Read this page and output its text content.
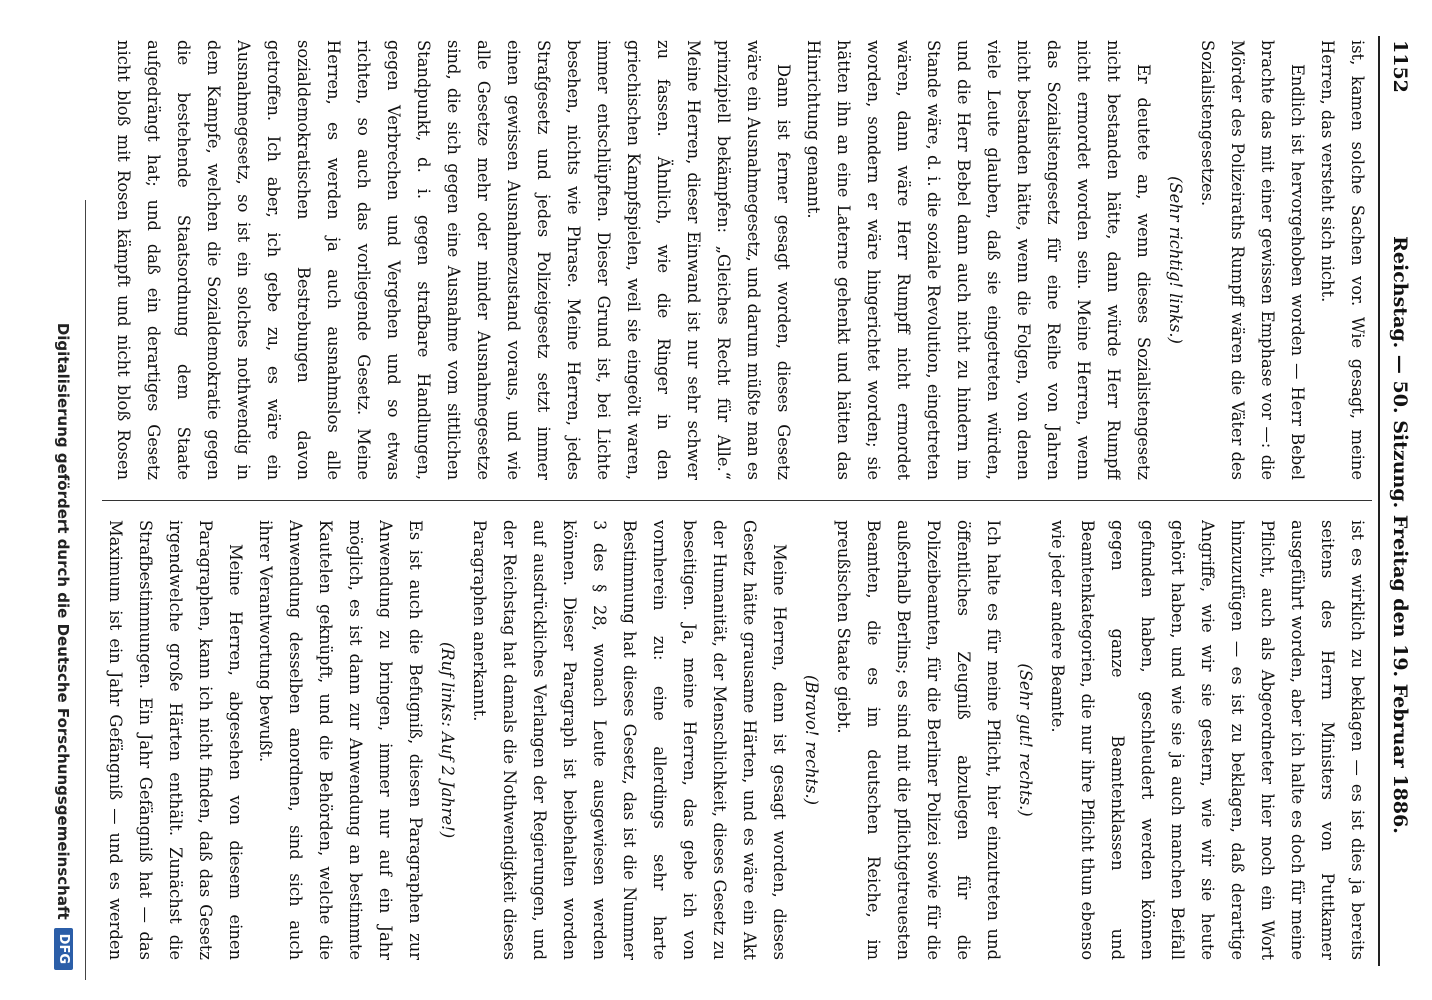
1152
Reichstag. — 50. Sitzung. Freitag den 19. Februar 1886.

ist, kamen solche Sachen vor. Wie gesagt, meine Herren, das versteht sich nicht.

Endlich ist hervorgehoben worden — Herr Bebel brachte das mit einer gewissen Emphase vor —: die Mörder des Polizeiraths Rumpff wären die Väter des Sozialistengesetzes.

(Sehr richtig! links.)

Er deutete an, wenn dieses Sozialistengesetz nicht bestanden hätte, dann würde Herr Rumpff nicht ermordet worden sein. Meine Herren, wenn das Sozialistengesetz für eine Reihe von Jahren nicht bestanden hätte, wenn die Folgen, von denen viele Leute glauben, daß sie eingetreten würden, und die Herr Bebel dann auch nicht zu hindern im Stande wäre, d. i. die soziale Revolution, eingetreten wären, dann wäre Herr Rumpff nicht ermordet worden, sondern er wäre hingerichtet worden; sie hätten ihn an eine Laterne gehenkt und hätten das Hinrichtung genannt.

Dann ist ferner gesagt worden, dieses Gesetz wäre ein Ausnahmegesetz, und darum müßte man es prinzipiell bekämpfen: „Gleiches Recht für Alle.“ Meine Herren, dieser Einwand ist nur sehr schwer zu fassen. Ähnlich, wie die Ringer in den griechischen Kampfspielen, weil sie eingeölt waren, immer entschlüpften. Dieser Grund ist, bei Lichte besehen, nichts wie Phrase. Meine Herren, jedes Strafgesetz und jedes Polizeigesetz setzt immer einen gewissen Ausnahmezustand voraus, und wie alle Gesetze mehr oder minder Ausnahmegesetze sind, die sich gegen eine Ausnahme vom sittlichen Standpunkt, d. i. gegen strafbare Handlungen, gegen Verbrechen und Vergehen und so etwas richten, so auch das vorliegende Gesetz. Meine Herren, es werden ja auch ausnahmslos alle sozialdemokratischen Bestrebungen davon getroffen. Ich aber, ich gebe zu, es wäre ein Ausnahmegesetz, so ist ein solches nothwendig in dem Kampfe, welchen die Sozialdemokratie gegen die bestehende Staatsordnung dem Staate aufgedrängt hat; und daß ein derartiges Gesetz nicht bloß mit Rosen kämpft und nicht bloß Rosen

ist es wirklich zu beklagen — es ist dies ja bereits seitens des Herrn Ministers von Puttkamer ausgeführt worden, aber ich halte es doch für meine Pflicht, auch als Abgeordneter hier noch ein Wort hinzuzufügen — es ist zu beklagen, daß derartige Angriffe, wie wir sie gestern, wie wir sie heute gehört haben, und wie sie ja auch manchen Beifall gefunden haben, geschleudert werden können gegen ganze Beamtenklassen und Beamtenkategorien, die nur ihre Pflicht thun ebenso wie jeder andere Beamte.

(Sehr gut! rechts.)

Ich halte es für meine Pflicht, hier einzutreten und öffentliches Zeugniß abzulegen für die Polizeibeamten, für die Berliner Polizei sowie für die außerhalb Berlins; es sind mit die pflichtgetreuesten Beamten, die es im deutschen Reiche, im preußischen Staate giebt.

(Bravo! rechts.)

Meine Herren, denn ist gesagt worden, dieses Gesetz hätte grausame Härten, und es wäre ein Akt der Humanität, der Menschlichkeit, dieses Gesetz zu beseitigen. Ja, meine Herren, das gebe ich von vornherein zu: eine allerdings sehr harte Bestimmung hat dieses Gesetz, das ist die Nummer 3 des § 28, wonach Leute ausgewiesen werden können. Dieser Paragraph ist beibehalten worden auf ausdrückliches Verlangen der Regierungen, und der Reichstag hat damals die Nothwendigkeit dieses Paragraphen anerkannt.

(Ruf links: Auf 2 Jahre!)

Es ist auch die Befugniß, diesen Paragraphen zur Anwendung zu bringen, immer nur auf ein Jahr möglich, es ist dann zur Anwendung an bestimmte Kautelen geknüpft, und die Behörden, welche die Anwendung desselben anordnen, sind sich auch ihrer Verantwortung bewußt.

Meine Herren, abgesehen von diesem einen Paragraphen, kann ich nicht finden, daß das Gesetz irgendwelche große Härten enthält. Zunächst die Strafbestimmungen. Ein Jahr Gefängniß hat — das Maximum ist ein Jahr Gefängniß — und es werden

Digitalisierung gefördert durch die Deutsche Forschungsgemeinschaft
DFG
